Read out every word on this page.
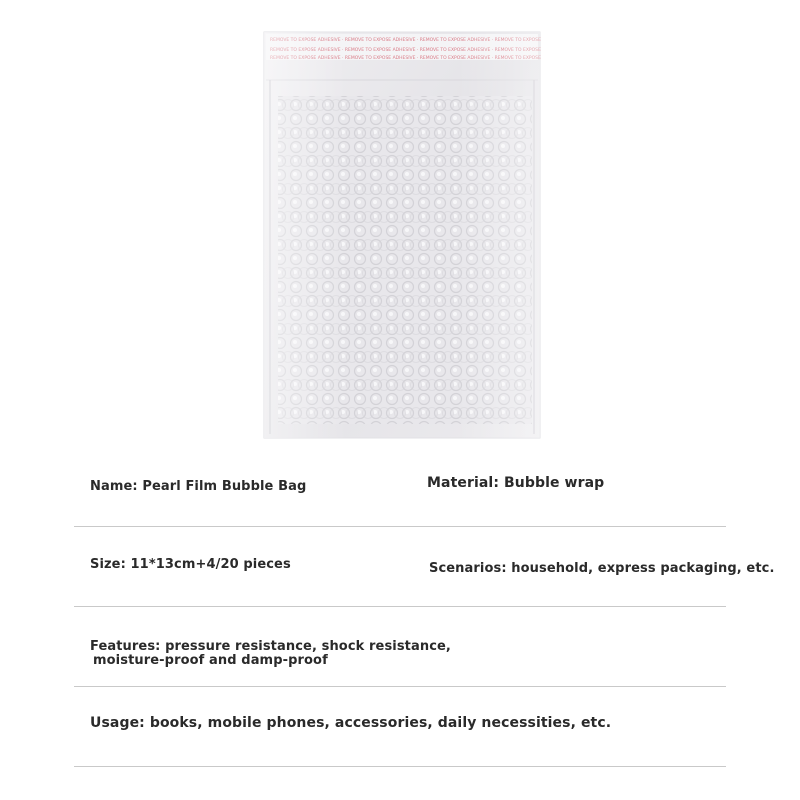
Name: Pearl Film Bubble Bag	Material: Bubble wrap
Size: 11*13cm+4/20 pieces	Scenarios: household, express packaging, etc.
Features: pressure resistance, shock resistance,
moisture-proof and damp-proof
Usage: books, mobile phones, accessories, daily necessities, etc.
